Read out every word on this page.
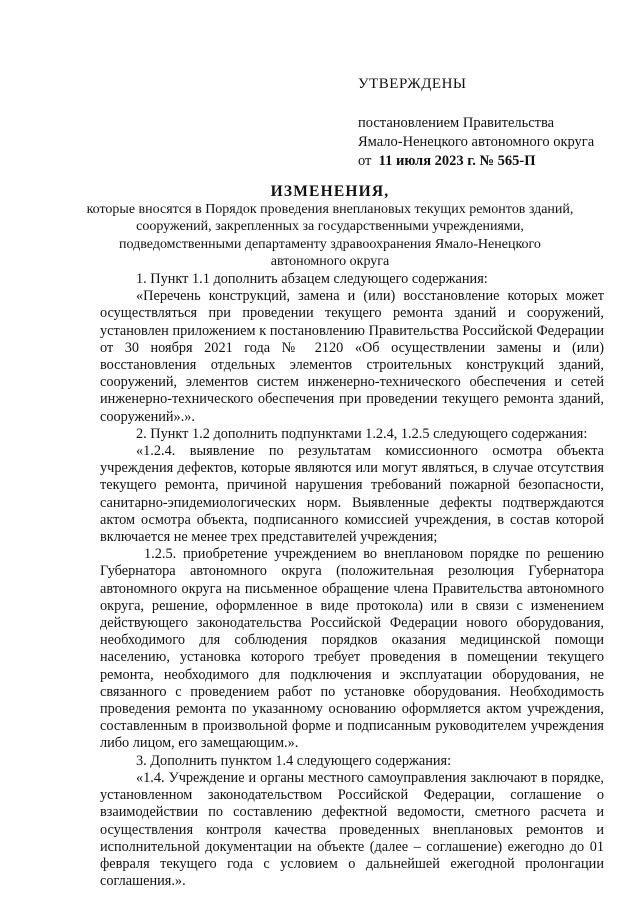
УТВЕРЖДЕНЫ
постановлением Правительства
Ямало-Ненецкого автономного округа
от 11 июля 2023 г. № 565-П
ИЗМЕНЕНИЯ,
которые вносятся в Порядок проведения внеплановых текущих ремонтов зданий, сооружений, закрепленных за государственными учреждениями, подведомственными департаменту здравоохранения Ямало-Ненецкого автономного округа

1. Пункт 1.1 дополнить абзацем следующего содержания:

«Перечень конструкций, замена и (или) восстановление которых может осуществляться при проведении текущего ремонта зданий и сооружений, установлен приложением к постановлению Правительства Российской Федерации от 30 ноября 2021 года № 2120 «Об осуществлении замены и (или) восстановления отдельных элементов строительных конструкций зданий, сооружений, элементов систем инженерно-технического обеспечения и сетей инженерно-технического обеспечения при проведении текущего ремонта зданий, сооружений».».

2. Пункт 1.2 дополнить подпунктами 1.2.4, 1.2.5 следующего содержания:

«1.2.4. выявление по результатам комиссионного осмотра объекта учреждения дефектов, которые являются или могут являться, в случае отсутствия текущего ремонта, причиной нарушения требований пожарной безопасности, санитарно-эпидемиологических норм. Выявленные дефекты подтверждаются актом осмотра объекта, подписанного комиссией учреждения, в состав которой включается не менее трех представителей учреждения;

1.2.5. приобретение учреждением во внеплановом порядке по решению Губернатора автономного округа (положительная резолюция Губернатора автономного округа на письменное обращение члена Правительства автономного округа, решение, оформленное в виде протокола) или в связи с изменением действующего законодательства Российской Федерации нового оборудования, необходимого для соблюдения порядков оказания медицинской помощи населению, установка которого требует проведения в помещении текущего ремонта, необходимого для подключения и эксплуатации оборудования, не связанного с проведением работ по установке оборудования. Необходимость проведения ремонта по указанному основанию оформляется актом учреждения, составленным в произвольной форме и подписанным руководителем учреждения либо лицом, его замещающим.».

3. Дополнить пунктом 1.4 следующего содержания:

«1.4. Учреждение и органы местного самоуправления заключают в порядке, установленном законодательством Российской Федерации, соглашение о взаимодействии по составлению дефектной ведомости, сметного расчета и осуществления контроля качества проведенных внеплановых ремонтов и исполнительной документации на объекте (далее – соглашение) ежегодно до 01 февраля текущего года с условием о дальнейшей ежегодной пролонгации соглашения.».
